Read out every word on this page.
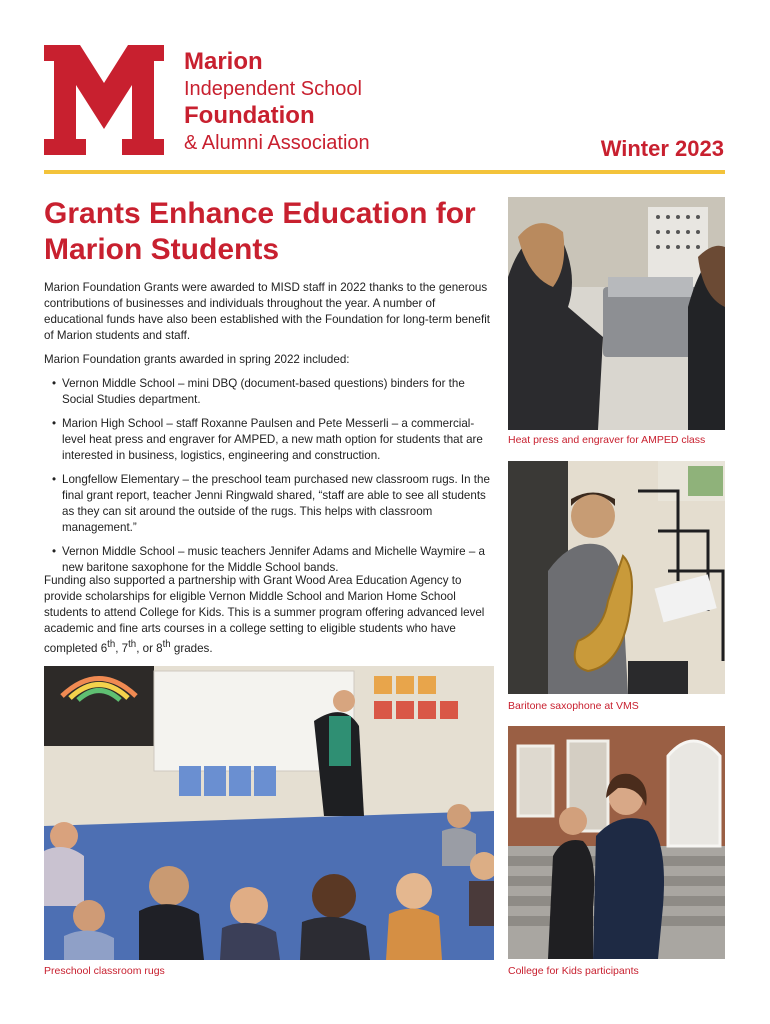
Marion
Independent School
Foundation
& Alumni Association	Winter 2023
Grants Enhance Education for Marion Students

Marion Foundation Grants were awarded to MISD staff in 2022 thanks to the generous contributions of businesses and individuals throughout the year. A number of educational funds have also been established with the Foundation for long-term benefit of Marion students and staff.

Marion Foundation grants awarded in spring 2022 included:

• Vernon Middle School – mini DBQ (document-based questions) binders for the Social Studies department.
• Marion High School – staff Roxanne Paulsen and Pete Messerli – a commercial-level heat press and engraver for AMPED, a new math option for students that are interested in business, logistics, engineering and construction.
• Longfellow Elementary – the preschool team purchased new classroom rugs. In the final grant report, teacher Jenni Ringwald shared, “staff are able to see all students as they can sit around the outside of the rugs. This helps with classroom management.”
• Vernon Middle School – music teachers Jennifer Adams and Michelle Waymire – a new baritone saxophone for the Middle School bands.

Funding also supported a partnership with Grant Wood Area Education Agency to provide scholarships for eligible Vernon Middle School and Marion Home School students to attend College for Kids. This is a summer program offering advanced level academic and fine arts courses in a college setting to eligible students who have completed 6th, 7th, or 8th grades.

Heat press and engraver for AMPED class
Baritone saxophone at VMS
College for Kids participants
Preschool classroom rugs
